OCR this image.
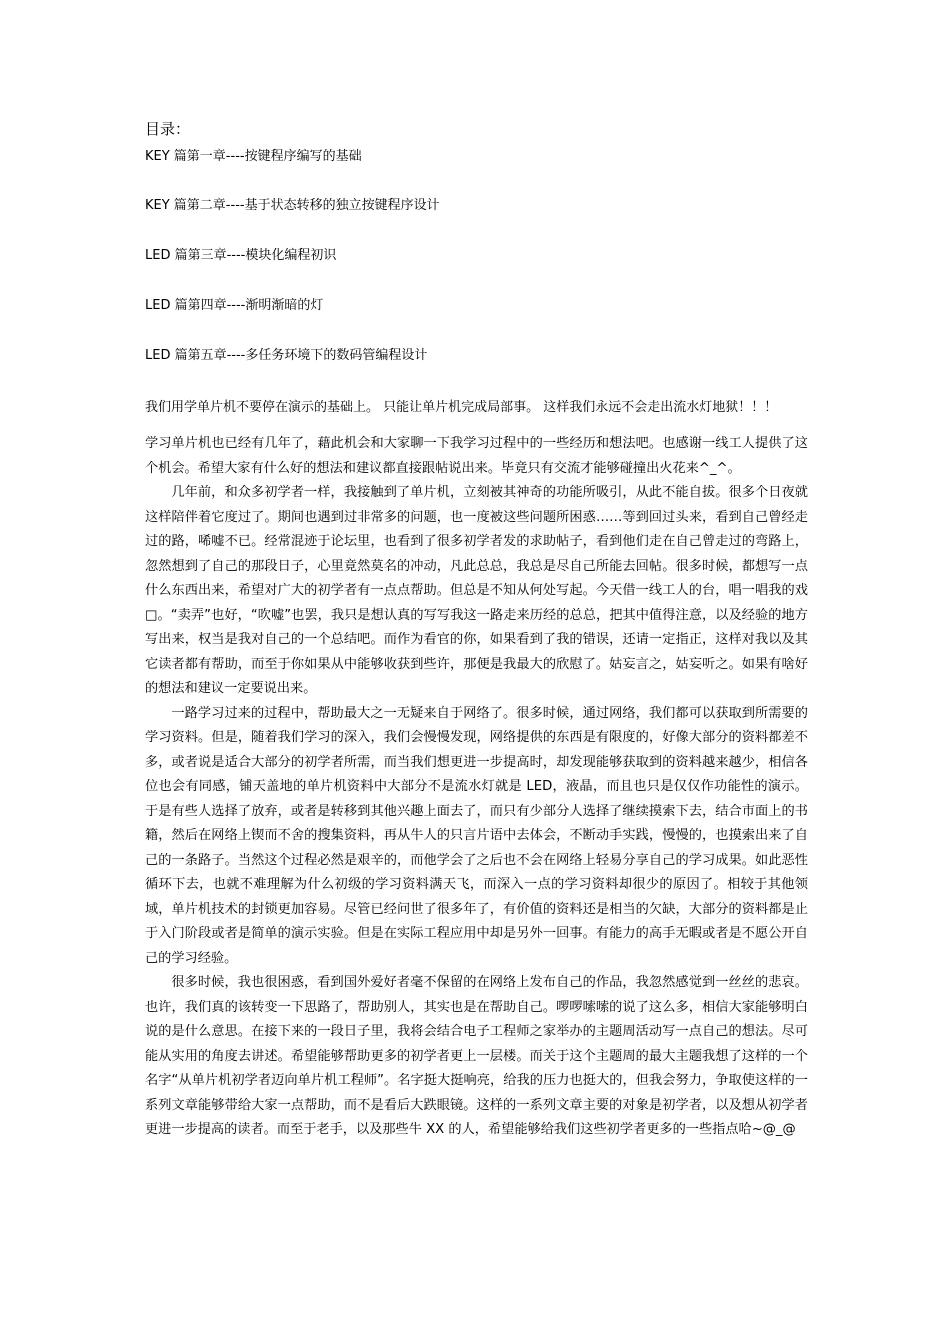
目录：
KEY 篇第一章----按键程序编写的基础
KEY 篇第二章----基于状态转移的独立按键程序设计
LED 篇第三章----模块化编程初识
LED 篇第四章----渐明渐暗的灯
LED 篇第五章----多任务环境下的数码管编程设计
我们用学单片机不要停在演示的基础上。 只能让单片机完成局部事。 这样我们永远不会走出流水灯地狱！！！

学习单片机也已经有几年了，藉此机会和大家聊一下我学习过程中的一些经历和想法吧。也感谢一线工人提供了这个机会。希望大家有什么好的想法和建议都直接跟帖说出来。毕竟只有交流才能够碰撞出火花来^_^。

几年前，和众多初学者一样，我接触到了单片机，立刻被其神奇的功能所吸引，从此不能自拔。很多个日夜就这样陪伴着它度过了。期间也遇到过非常多的问题，也一度被这些问题所困惑……等到回过头来，看到自己曾经走过的路，唏嘘不已。经常混迹于论坛里，也看到了很多初学者发的求助帖子，看到他们走在自己曾走过的弯路上，忽然想到了自己的那段日子，心里竟然莫名的冲动，凡此总总，我总是尽自己所能去回帖。很多时候，都想写一点什么东西出来，希望对广大的初学者有一点点帮助。但总是不知从何处写起。今天借一线工人的台，唱一唱我的戏□。“卖弄”也好，“吹嘘”也罢，我只是想认真的写写我这一路走来历经的总总，把其中值得注意，以及经验的地方写出来，权当是我对自己的一个总结吧。而作为看官的你，如果看到了我的错误，还请一定指正，这样对我以及其它读者都有帮助，而至于你如果从中能够收获到些许，那便是我最大的欣慰了。姑妄言之，姑妄听之。如果有啥好的想法和建议一定要说出来。

一路学习过来的过程中，帮助最大之一无疑来自于网络了。很多时候，通过网络，我们都可以获取到所需要的学习资料。但是，随着我们学习的深入，我们会慢慢发现，网络提供的东西是有限度的，好像大部分的资料都差不多，或者说是适合大部分的初学者所需，而当我们想更进一步提高时，却发现能够获取到的资料越来越少，相信各位也会有同感，铺天盖地的单片机资料中大部分不是流水灯就是 LED，液晶，而且也只是仅仅作功能性的演示。于是有些人选择了放弃，或者是转移到其他兴趣上面去了，而只有少部分人选择了继续摸索下去，结合市面上的书籍，然后在网络上锲而不舍的搜集资料，再从牛人的只言片语中去体会，不断动手实践，慢慢的，也摸索出来了自己的一条路子。当然这个过程必然是艰辛的，而他学会了之后也不会在网络上轻易分享自己的学习成果。如此恶性循环下去，也就不难理解为什么初级的学习资料满天飞，而深入一点的学习资料却很少的原因了。相较于其他领域，单片机技术的封锁更加容易。尽管已经问世了很多年了，有价值的资料还是相当的欠缺，大部分的资料都是止于入门阶段或者是简单的演示实验。但是在实际工程应用中却是另外一回事。有能力的高手无暇或者是不愿公开自己的学习经验。

很多时候，我也很困惑，看到国外爱好者毫不保留的在网络上发布自己的作品，我忽然感觉到一丝丝的悲哀。也许，我们真的该转变一下思路了，帮助别人，其实也是在帮助自己。啰啰嗦嗦的说了这么多，相信大家能够明白说的是什么意思。在接下来的一段日子里，我将会结合电子工程师之家举办的主题周活动写一点自己的想法。尽可能从实用的角度去讲述。希望能够帮助更多的初学者更上一层楼。而关于这个主题周的最大主题我想了这样的一个名字“从单片机初学者迈向单片机工程师”。名字挺大挺响亮，给我的压力也挺大的，但我会努力，争取使这样的一系列文章能够带给大家一点帮助，而不是看后大跌眼镜。这样的一系列文章主要的对象是初学者，以及想从初学者更进一步提高的读者。而至于老手，以及那些牛 XX 的人，希望能够给我们这些初学者更多的一些指点哈~@_@
